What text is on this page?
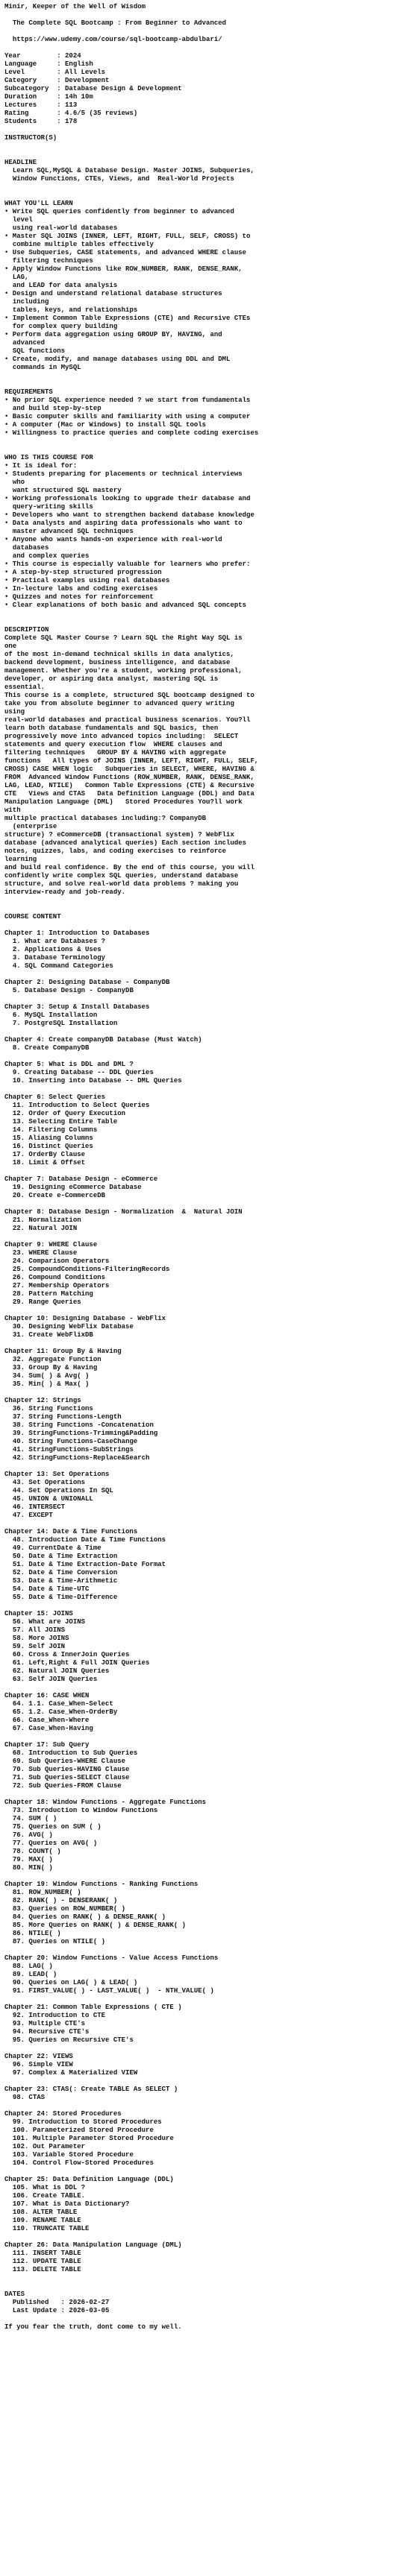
Minir, Keeper of the Well of Wisdom
The Complete SQL Bootcamp : From Beginner to Advanced
https://www.udemy.com/course/sql-bootcamp-abdulbari/
Year         : 2024
Language     : English
Level        : All Levels
Category     : Development
Subcategory  : Database Design & Development
Duration     : 14h 10m
Lectures     : 113
Rating       : 4.6/5 (35 reviews)
Students     : 178
INSTRUCTOR(S)
HEADLINE
Learn SQL,MySQL & Database Design. Master JOINS, Subqueries,
Window Functions, CTEs, Views, and  Real-World Projects
WHAT YOU'LL LEARN
• Write SQL queries confidently from beginner to advanced
level
using real-world databases
• Master SQL JOINS (INNER, LEFT, RIGHT, FULL, SELF, CROSS) to
combine multiple tables effectively
• Use Subqueries, CASE statements, and advanced WHERE clause
filtering techniques
• Apply Window Functions like ROW_NUMBER, RANK, DENSE_RANK,
LAG,
and LEAD for data analysis
• Design and understand relational database structures
including
tables, keys, and relationships
• Implement Common Table Expressions (CTE) and Recursive CTEs
for complex query building
• Perform data aggregation using GROUP BY, HAVING, and
advanced
SQL functions
• Create, modify, and manage databases using DDL and DML
commands in MySQL
REQUIREMENTS
• No prior SQL experience needed ? we start from fundamentals
and build step-by-step
• Basic computer skills and familiarity with using a computer
• A computer (Mac or Windows) to install SQL tools
• Willingness to practice queries and complete coding exercises
WHO IS THIS COURSE FOR
• It is ideal for:
• Students preparing for placements or technical interviews
who
want structured SQL mastery
• Working professionals looking to upgrade their database and
query-writing skills
• Developers who want to strengthen backend database knowledge
• Data analysts and aspiring data professionals who want to
master advanced SQL techniques
• Anyone who wants hands-on experience with real-world
databases
and complex queries
• This course is especially valuable for learners who prefer:
• A step-by-step structured progression
• Practical examples using real databases
• In-lecture labs and coding exercises
• Quizzes and notes for reinforcement
• Clear explanations of both basic and advanced SQL concepts
DESCRIPTION
Complete SQL Master Course ? Learn SQL the Right Way SQL is
one
of the most in-demand technical skills in data analytics,
backend development, business intelligence, and database
management. Whether you're a student, working professional,
developer, or aspiring data analyst, mastering SQL is
essential.
This course is a complete, structured SQL bootcamp designed to
take you from absolute beginner to advanced query writing
using
real-world databases and practical business scenarios. You?ll
learn both database fundamentals and SQL basics, then
progressively move into advanced topics including:  SELECT
statements and query execution flow  WHERE clauses and
filtering techniques   GROUP BY & HAVING with aggregate
functions   All types of JOINS (INNER, LEFT, RIGHT, FULL, SELF,
CROSS) CASE WHEN logic   Subqueries in SELECT, WHERE, HAVING &
FROM  Advanced Window Functions (ROW_NUMBER, RANK, DENSE_RANK,
LAG, LEAD, NTILE)   Common Table Expressions (CTE) & Recursive
CTE   Views and CTAS   Data Definition Language (DDL) and Data
Manipulation Language (DML)   Stored Procedures You?ll work
with
multiple practical databases including:? CompanyDB
(enterprise
structure) ? eCommerceDB (transactional system) ? WebFlix
database (advanced analytical queries) Each section includes
notes, quizzes, labs, and coding exercises to reinforce
learning
and build real confidence. By the end of this course, you will
confidently write complex SQL queries, understand database
structure, and solve real-world data problems ? making you
interview-ready and job-ready.
COURSE CONTENT
Chapter 1: Introduction to Databases
1. What are Databases ?
2. Applications & Uses
3. Database Terminology
4. SQL Command Categories
Chapter 2: Designing Database - CompanyDB
5. Database Design - CompanyDB
Chapter 3: Setup & Install Databases
6. MySQL Installation
7. PostgreSQL Installation
Chapter 4: Create companyDB Database (Must Watch)
8. Create CompanyDB
Chapter 5: What is DDL and DML ?
9. Creating Database -- DDL Queries
10. Inserting into Database -- DML Queries
Chapter 6: Select Queries
11. Introduction to Select Queries
12. Order of Query Execution
13. Selecting Entire Table
14. Filtering Columns
15. Aliasing Columns
16. Distinct Queries
17. OrderBy Clause
18. Limit & Offset
Chapter 7: Database Design - eCommerce
19. Designing eCommerce Database
20. Create e-CommerceDB
Chapter 8: Database Design - Normalization  &  Natural JOIN
21. Normalization
22. Natural JOIN
Chapter 9: WHERE Clause
23. WHERE Clause
24. Comparison Operators
25. CompoundConditions-FilteringRecords
26. Compound Conditions
27. Membership Operators
28. Pattern Matching
29. Range Queries
Chapter 10: Designing Database - WebFlix
30. Designing WebFlix Database
31. Create WebFlixDB
Chapter 11: Group By & Having
32. Aggregate Function
33. Group By & Having
34. Sum( ) & Avg( )
35. Min( ) & Max( )
Chapter 12: Strings
36. String Functions
37. String Functions-Length
38. String Functions -Concatenation
39. StringFunctions-Trimming&Padding
40. String Functions-CaseChange
41. StringFunctions-SubStrings
42. StringFunctions-Replace&Search
Chapter 13: Set Operations
43. Set Operations
44. Set Operations In SQL
45. UNION & UNIONALL
46. INTERSECT
47. EXCEPT
Chapter 14: Date & Time Functions
48. Introduction Date & Time Functions
49. CurrentDate & Time
50. Date & Time Extraction
51. Date & Time Extraction-Date Format
52. Date & Time Conversion
53. Date & Time-Arithmetic
54. Date & Time-UTC
55. Date & Time-Difference
Chapter 15: JOINS
56. What are JOINS
57. All JOINS
58. More JOINS
59. Self JOIN
60. Cross & InnerJoin Queries
61. Left,Right & Full JOIN Queries
62. Natural JOIN Queries
63. Self JOIN Queries
Chapter 16: CASE WHEN
64. 1.1. Case_When-Select
65. 1.2. Case_When-OrderBy
66. Case_When-Where
67. Case_When-Having
Chapter 17: Sub Query
68. Introduction to Sub Queries
69. Sub Queries-WHERE Clause
70. Sub Queries-HAVING Clause
71. Sub Queries-SELECT Clause
72. Sub Queries-FROM Clause
Chapter 18: Window Functions - Aggregate Functions
73. Introduction to Window Functions
74. SUM ( )
75. Queries on SUM ( )
76. AVG( )
77. Queries on AVG( )
78. COUNT( )
79. MAX( )
80. MIN( )
Chapter 19: Window Functions - Ranking Functions
81. ROW_NUMBER( )
82. RANK( ) - DENSERANK( )
83. Queries on ROW_NUMBER( )
84. Queries on RANK( ) & DENSE_RANK( )
85. More Queries on RANK( ) & DENSE_RANK( )
86. NTILE( )
87. Queries on NTILE( )
Chapter 20: Window Functions - Value Access Functions
88. LAG( )
89. LEAD( )
90. Queries on LAG( ) & LEAD( )
91. FIRST_VALUE( ) - LAST_VALUE( )  - NTH_VALUE( )
Chapter 21: Common Table Expressions ( CTE )
92. Introduction to CTE
93. Multiple CTE's
94. Recursive CTE's
95. Queries on Recursive CTE's
Chapter 22: VIEWS
96. Simple VIEW
97. Complex & Materialized VIEW
Chapter 23: CTAS(: Create TABLE As SELECT )
98. CTAS
Chapter 24: Stored Procedures
99. Introduction to Stored Procedures
100. Parameterized Stored Procedure
101. Multiple Parameter Stored Procedure
102. Out Parameter
103. Variable Stored Procedure
104. Control Flow-Stored Procedures
Chapter 25: Data Definition Language (DDL)
105. What is DDL ?
106. Create TABLE.
107. What is Data Dictionary?
108. ALTER TABLE
109. RENAME TABLE
110. TRUNCATE TABLE
Chapter 26: Data Manipulation Language (DML)
111. INSERT TABLE
112. UPDATE TABLE
113. DELETE TABLE
DATES
Published   : 2026-02-27
Last Update : 2026-03-05
If you fear the truth, dont come to my well.
